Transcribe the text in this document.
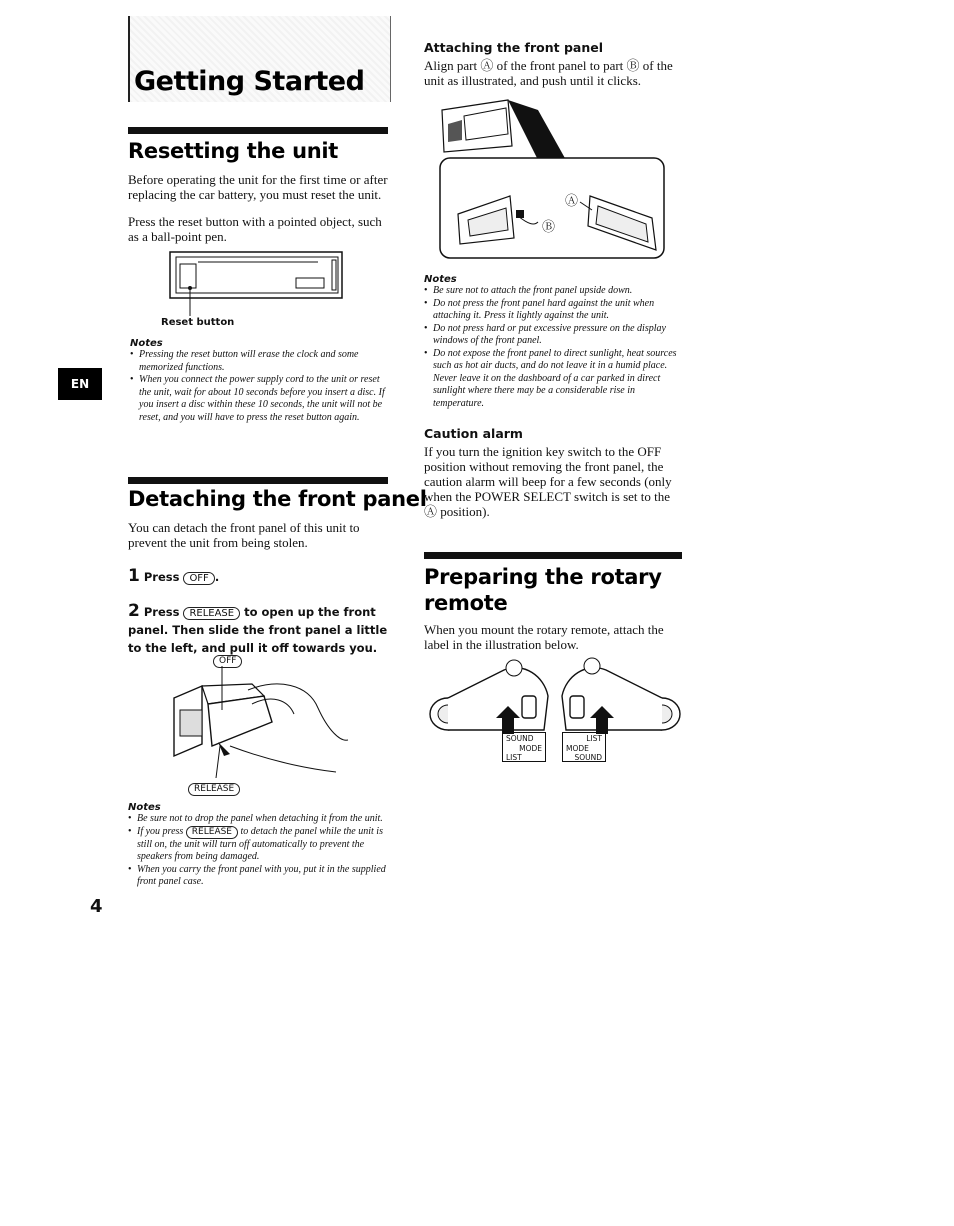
Getting Started
Resetting the unit

Before operating the unit for the first time or after replacing the car battery, you must reset the unit.

Press the reset button with a pointed object, such as a ball-point pen.

Reset button

Notes

• Pressing the reset button will erase the clock and some memorized functions.
• When you connect the power supply cord to the unit or reset the unit, wait for about 10 seconds before you insert a disc. If you insert a disc within these 10 seconds, the unit will not be reset, and you will have to press the reset button again.
EN
Detaching the front panel

You can detach the front panel of this unit to prevent the unit from being stolen.

1 Press OFF .
2 Press RELEASE to open up the front panel. Then slide the front panel a little to the left, and pull it off towards you.
OFF
RELEASE

Notes

• Be sure not to drop the panel when detaching it from the unit.
• If you press RELEASE to detach the panel while the unit is still on, the unit will turn off automatically to prevent the speakers from being damaged.
• When you carry the front panel with you, put it in the supplied front panel case.
4
Attaching the front panel

Align part Ⓐ of the front panel to part Ⓑ of the unit as illustrated, and push until it clicks.

Ⓐ
Ⓑ

Notes

• Be sure not to attach the front panel upside down.
• Do not press the front panel hard against the unit when attaching it. Press it lightly against the unit.
• Do not press hard or put excessive pressure on the display windows of the front panel.
• Do not expose the front panel to direct sunlight, heat sources such as hot air ducts, and do not leave it in a humid place. Never leave it on the dashboard of a car parked in direct sunlight where there may be a considerable rise in temperature.
Caution alarm

If you turn the ignition key switch to the OFF position without removing the front panel, the caution alarm will beep for a few seconds (only when the POWER SELECT switch is set to the Ⓐ position).

Preparing the rotary
remote

When you mount the rotary remote, attach the label in the illustration below.

SOUND
MODE
LIST
LIST
MODE
SOUND
